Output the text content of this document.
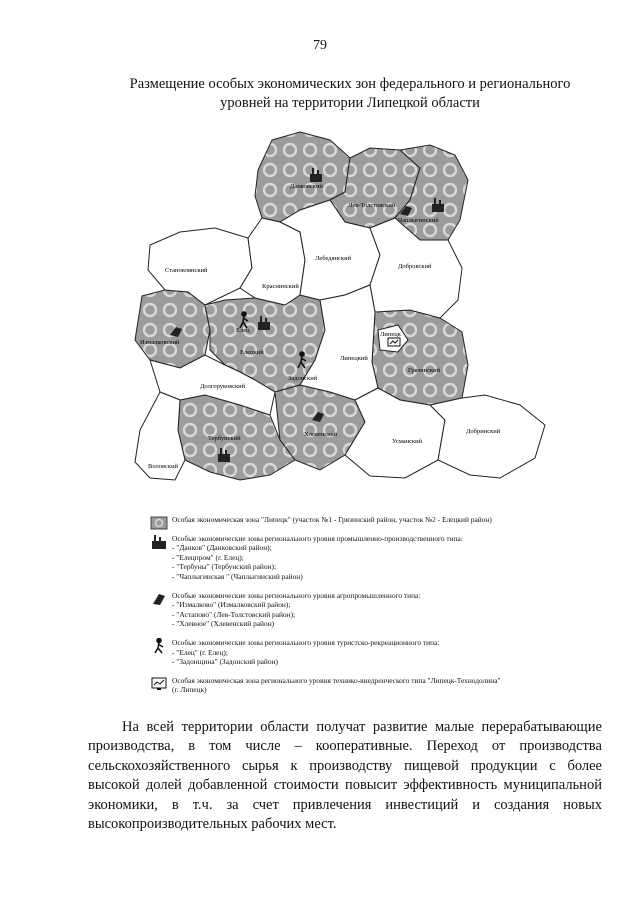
79
Размещение особых экономических зон федерального и регионального
уровней на территории Липецкой области
Данковский
Лев-Толстовский
Чаплыгинский
Становлянский
Лебедянский
Добровский
Краснинский
Измалковский
Елец
Елецкий
Липецк
Липецкий
Грязинский
Задонский
Долгоруковский
Тербунский
Хлевенский
Усманский
Добринский
Воловский
Особая экономическая зона "Липецк" (участок №1 - Грязинский район, участок №2 - Елецкий район)
Особые экономические зоны регионального уровня промышленно-производственного типа:
- "Данков" (Данковский район);
- "Елецпром" (г. Елец);
- "Тербуны" (Тербунский район);
- "Чаплыгинская " (Чаплыгинский район)
Особые экономические зоны регионального уровня агропромышленного типа:
- "Измалково" (Измалковский район);
- "Астапово" (Лев-Толстовский район);
- "Хлевное" (Хлевенский район)
Особые экономические зоны регионального уровня туристско-рекреационного типа:
- "Елец" (г. Елец);
- "Задонщина" (Задонский район)
Особая экономическая зона регионального уровня технико-внедренческого типа "Липецк-Технодолина"
(г. Липецк)
На всей территории области получат развитие малые перерабатывающие
производства, в том числе – кооперативные. Переход от производства
сельскохозяйственного сырья к производству пищевой продукции с более
высокой долей добавленной стоимости повысит эффективность муниципальной
экономики, в т.ч. за счет привлечения инвестиций и создания новых
высокопроизводительных рабочих мест.
